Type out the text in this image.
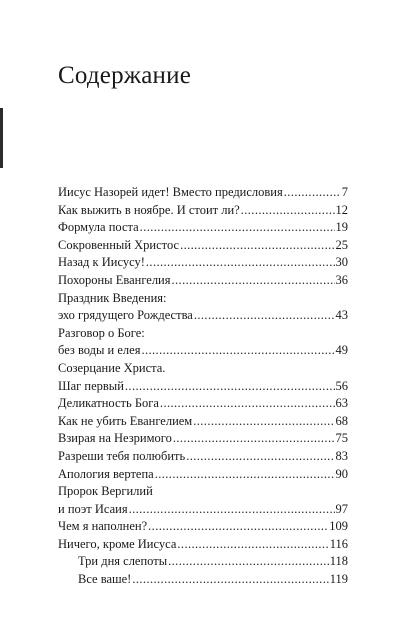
Содержание
Иисус Назорей идет! Вместо предисловия .....	7
Как выжить в ноябре. И стоит ли? .....	12
Формула поста .....	19
Сокровенный Христос .....	25
Назад к Иисусу! .....	30
Похороны Евангелия .....	36
Праздник Введения:
эхо грядущего Рождества .....	43
Разговор о Боге:
без воды и елея .....	49
Созерцание Христа.
Шаг первый .....	56
Деликатность Бога .....	63
Как не убить Евангелием .....	68
Взирая на Незримого .....	75
Разреши тебя полюбить .....	83
Апология вертепа .....	90
Пророк Вергилий
и поэт Исаия .....	97
Чем я наполнен? .....	109
Ничего, кроме Иисуса .....	116
Три дня слепоты .....	118
Все ваше! .....	119
